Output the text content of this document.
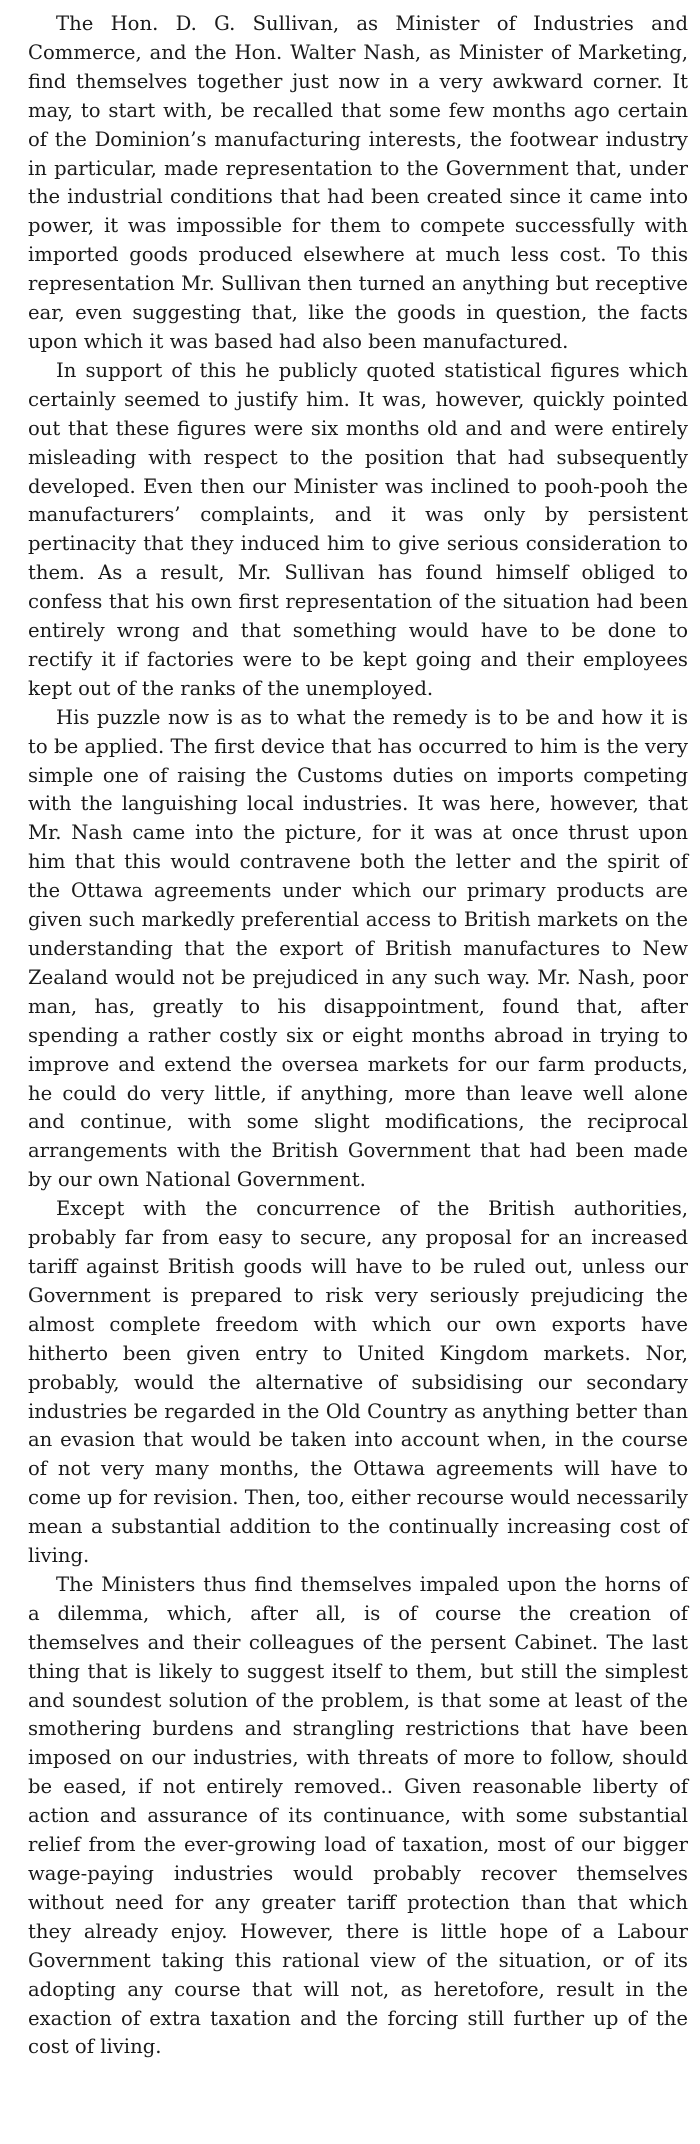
The Hon. D. G. Sullivan, as Minister of Industries and Commerce, and the Hon. Walter Nash, as Minister of Marketing, find themselves together just now in a very awkward corner. It may, to start with, be recalled that some few months ago certain of the Dominion’s manufacturing interests, the footwear industry in particular, made representation to the Government that, under the industrial conditions that had been created since it came into power, it was impossible for them to compete successfully with imported goods produced elsewhere at much less cost. To this representation Mr. Sullivan then turned an anything but receptive ear, even suggesting that, like the goods in question, the facts upon which it was based had also been manufactured.

In support of this he publicly quoted statistical figures which certainly seemed to justify him. It was, however, quickly pointed out that these figures were six months old and and were entirely misleading with respect to the position that had subsequently developed. Even then our Minister was inclined to pooh-pooh the manufacturers’ complaints, and it was only by persistent pertinacity that they induced him to give serious consideration to them. As a result, Mr. Sullivan has found himself obliged to confess that his own first representation of the situation had been entirely wrong and that something would have to be done to rectify it if factories were to be kept going and their employees kept out of the ranks of the unemployed.

His puzzle now is as to what the remedy is to be and how it is to be applied. The first device that has occurred to him is the very simple one of raising the Customs duties on imports competing with the languishing local industries. It was here, however, that Mr. Nash came into the picture, for it was at once thrust upon him that this would contravene both the letter and the spirit of the Ottawa agreements under which our primary products are given such markedly preferential access to British markets on the understanding that the export of British manufactures to New Zealand would not be prejudiced in any such way. Mr. Nash, poor man, has, greatly to his disappointment, found that, after spending a rather costly six or eight months abroad in trying to improve and extend the oversea markets for our farm products, he could do very little, if anything, more than leave well alone and continue, with some slight modifications, the reciprocal arrangements with the British Government that had been made by our own National Government.

Except with the concurrence of the British authorities, probably far from easy to secure, any proposal for an increased tariff against British goods will have to be ruled out, unless our Government is prepared to risk very seriously prejudicing the almost complete freedom with which our own exports have hitherto been given entry to United Kingdom markets. Nor, probably, would the alternative of subsidising our secondary industries be regarded in the Old Country as anything better than an evasion that would be taken into account when, in the course of not very many months, the Ottawa agreements will have to come up for revision. Then, too, either recourse would necessarily mean a substantial addition to the continually increasing cost of living.

The Ministers thus find themselves impaled upon the horns of a dilemma, which, after all, is of course the creation of themselves and their colleagues of the persent Cabinet. The last thing that is likely to suggest itself to them, but still the simplest and soundest solution of the problem, is that some at least of the smothering burdens and strangling restrictions that have been imposed on our industries, with threats of more to follow, should be eased, if not entirely removed.. Given reasonable liberty of action and assurance of its continuance, with some substantial relief from the ever-growing load of taxation, most of our bigger wage-paying industries would probably recover themselves without need for any greater tariff protection than that which they already enjoy. However, there is little hope of a Labour Government taking this rational view of the situation, or of its adopting any course that will not, as heretofore, result in the exaction of extra taxation and the forcing still further up of the cost of living.
